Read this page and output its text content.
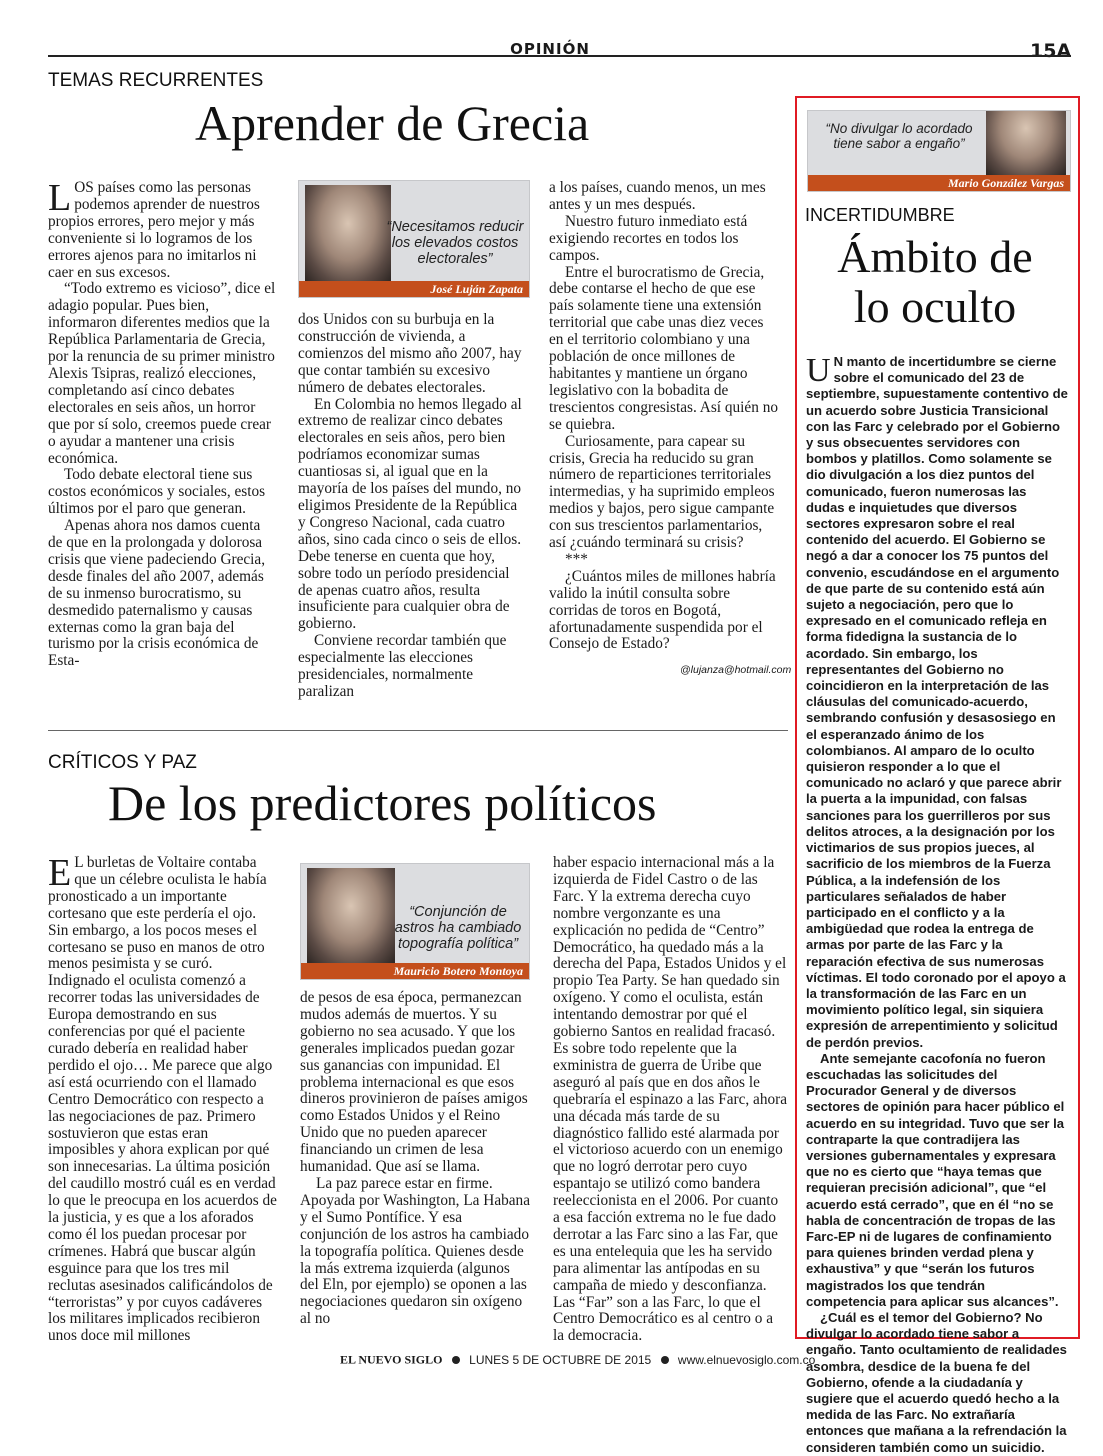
OPINIÓN	15A
TEMAS RECURRENTES
Aprender de Grecia

LOS países como las personas podemos aprender de nuestros propios errores, pero mejor y más conveniente si lo logramos de los errores ajenos para no imitarlos ni caer en sus excesos.

“Todo extremo es vicioso”, dice el adagio popular. Pues bien, informaron diferentes medios que la República Parlamentaria de Grecia, por la renuncia de su primer ministro Alexis Tsipras, realizó elecciones, completando así cinco debates electorales en seis años, un horror que por sí solo, creemos puede crear o ayudar a mantener una crisis económica.

Todo debate electoral tiene sus costos económicos y sociales, estos últimos por el paro que generan.

Apenas ahora nos damos cuenta de que en la prolongada y dolorosa crisis que viene padeciendo Grecia, desde finales del año 2007, además de su inmenso burocratismo, su desmedido paternalismo y causas externas como la gran baja del turismo por la crisis económica de Esta-

“Necesitamos reducir los elevados costos electorales”
José Luján Zapata

dos Unidos con su burbuja en la construcción de vivienda, a comienzos del mismo año 2007, hay que contar también su excesivo número de debates electorales.

En Colombia no hemos llegado al extremo de realizar cinco debates electorales en seis años, pero bien podríamos economizar sumas cuantiosas si, al igual que en la mayoría de los países del mundo, no eligimos Presidente de la República y Congreso Nacional, cada cuatro años, sino cada cinco o seis de ellos. Debe tenerse en cuenta que hoy, sobre todo un período presidencial de apenas cuatro años, resulta insuficiente para cualquier obra de gobierno.

Conviene recordar también que especialmente las elecciones presidenciales, normalmente paralizan

a los países, cuando menos, un mes antes y un mes después.

Nuestro futuro inmediato está exigiendo recortes en todos los campos.

Entre el burocratismo de Grecia, debe contarse el hecho de que ese país solamente tiene una extensión territorial que cabe unas diez veces en el territorio colombiano y una población de once millones de habitantes y mantiene un órgano legislativo con la bobadita de trescientos congresistas. Así quién no se quiebra.

Curiosamente, para capear su crisis, Grecia ha reducido su gran número de reparticiones territoriales intermedias, y ha suprimido empleos medios y bajos, pero sigue campante con sus trescientos parlamentarios, así ¿cuándo terminará su crisis?

***

¿Cuántos miles de millones habría valido la inútil consulta sobre corridas de toros en Bogotá, afortunadamente suspendida por el Consejo de Estado?

@lujanza@hotmail.com
CRÍTICOS Y PAZ
De los predictores políticos

E L burletas de Voltaire contaba que un célebre oculista le había pronosticado a un importante cortesano que este perdería el ojo. Sin embargo, a los pocos meses el cortesano se puso en manos de otro menos pesimista y se curó. Indignado el oculista comenzó a recorrer todas las universidades de Europa demostrando en sus conferencias por qué el paciente curado debería en realidad haber perdido el ojo… Me parece que algo así está ocurriendo con el llamado Centro Democrático con respecto a las negociaciones de paz. Primero sostuvieron que estas eran imposibles y ahora explican por qué son innecesarias. La última posición del caudillo mostró cuál es en verdad lo que le preocupa en los acuerdos de la justicia, y es que a los aforados como él los puedan procesar por crímenes. Habrá que buscar algún esguince para que los tres mil reclutas asesinados calificándolos de “terroristas” y por cuyos cadáveres los militares implicados recibieron unos doce mil millones

“Conjunción de astros ha cambiado topografía política”
Mauricio Botero Montoya

de pesos de esa época, permanezcan mudos además de muertos. Y su gobierno no sea acusado. Y que los generales implicados puedan gozar sus ganancias con impunidad. El problema internacional es que esos dineros provinieron de países amigos como Estados Unidos y el Reino Unido que no pueden aparecer financiando un crimen de lesa humanidad. Que así se llama.

La paz parece estar en firme. Apoyada por Washington, La Habana y el Sumo Pontífice. Y esa conjunción de los astros ha cambiado la topografía política. Quienes desde la más extrema izquierda (algunos del Eln, por ejemplo) se oponen a las negociaciones quedaron sin oxígeno al no

haber espacio internacional más a la izquierda de Fidel Castro o de las Farc. Y la extrema derecha cuyo nombre vergonzante es una explicación no pedida de “Centro” Democrático, ha quedado más a la derecha del Papa, Estados Unidos y el propio Tea Party. Se han quedado sin oxígeno. Y como el oculista, están intentando demostrar por qué el gobierno Santos en realidad fracasó. Es sobre todo repelente que la exministra de guerra de Uribe que aseguró al país que en dos años le quebraría el espinazo a las Farc, ahora una década más tarde de su diagnóstico fallido esté alarmada por el victorioso acuerdo con un enemigo que no logró derrotar pero cuyo espantajo se utilizó como bandera reeleccionista en el 2006. Por cuanto a esa facción extrema no le fue dado derrotar a las Farc sino a las Far, que es una entelequia que les ha servido para alimentar las antípodas en su campaña de miedo y desconfianza. Las “Far” son a las Farc, lo que el Centro Democrático es al centro o a la democracia.

“No divulgar lo acordado tiene sabor a engaño”
Mario González Vargas
INCERTIDUMBRE
Ámbito de
lo oculto

U N manto de incertidumbre se cierne sobre el comunicado del 23 de septiembre, supuestamente contentivo de un acuerdo sobre Justicia Transicional con las Farc y celebrado por el Gobierno y sus obsecuentes servidores con bombos y platillos. Como solamente se dio divulgación a los diez puntos del comunicado, fueron numerosas las dudas e inquietudes que diversos sectores expresaron sobre el real contenido del acuerdo. El Gobierno se negó a dar a conocer los 75 puntos del convenio, escudándose en el argumento de que parte de su contenido está aún sujeto a negociación, pero que lo expresado en el comunicado refleja en forma fidedigna la sustancia de lo acordado. Sin embargo, los representantes del Gobierno no coincidieron en la interpretación de las cláusulas del comunicado-acuerdo, sembrando confusión y desasosiego en el esperanzado ánimo de los colombianos. Al amparo de lo oculto quisieron responder a lo que el comunicado no aclaró y que parece abrir la puerta a la impunidad, con falsas sanciones para los guerrilleros por sus delitos atroces, a la designación por los victimarios de sus propios jueces, al sacrificio de los miembros de la Fuerza Pública, a la indefensión de los particulares señalados de haber participado en el conflicto y a la ambigüedad que rodea la entrega de armas por parte de las Farc y la reparación efectiva de sus numerosas víctimas. El todo coronado por el apoyo a la transformación de las Farc en un movimiento político legal, sin siquiera expresión de arrepentimiento y solicitud de perdón previos.

Ante semejante cacofonía no fueron escuchadas las solicitudes del Procurador General y de diversos sectores de opinión para hacer público el acuerdo en su integridad. Tuvo que ser la contraparte la que contradijera las versiones gubernamentales y expresara que no es cierto que “haya temas que requieran precisión adicional”, que “el acuerdo está cerrado”, que en él “no se habla de concentración de tropas de las Farc-EP ni de lugares de confinamiento para quienes brinden verdad plena y exhaustiva” y que “serán los futuros magistrados los que tendrán competencia para aplicar sus alcances”.

¿Cuál es el temor del Gobierno? No divulgar lo acordado tiene sabor a engaño. Tanto ocultamiento de realidades asombra, desdice de la buena fe del Gobierno, ofende a la ciudadanía y sugiere que el acuerdo quedó hecho a la medida de las Farc. No extrañaría entonces que mañana a la refrendación la consideren también como un suicidio.

EL NUEVO SIGLO LUNES 5 DE OCTUBRE DE 2015 www.elnuevosiglo.com.co
